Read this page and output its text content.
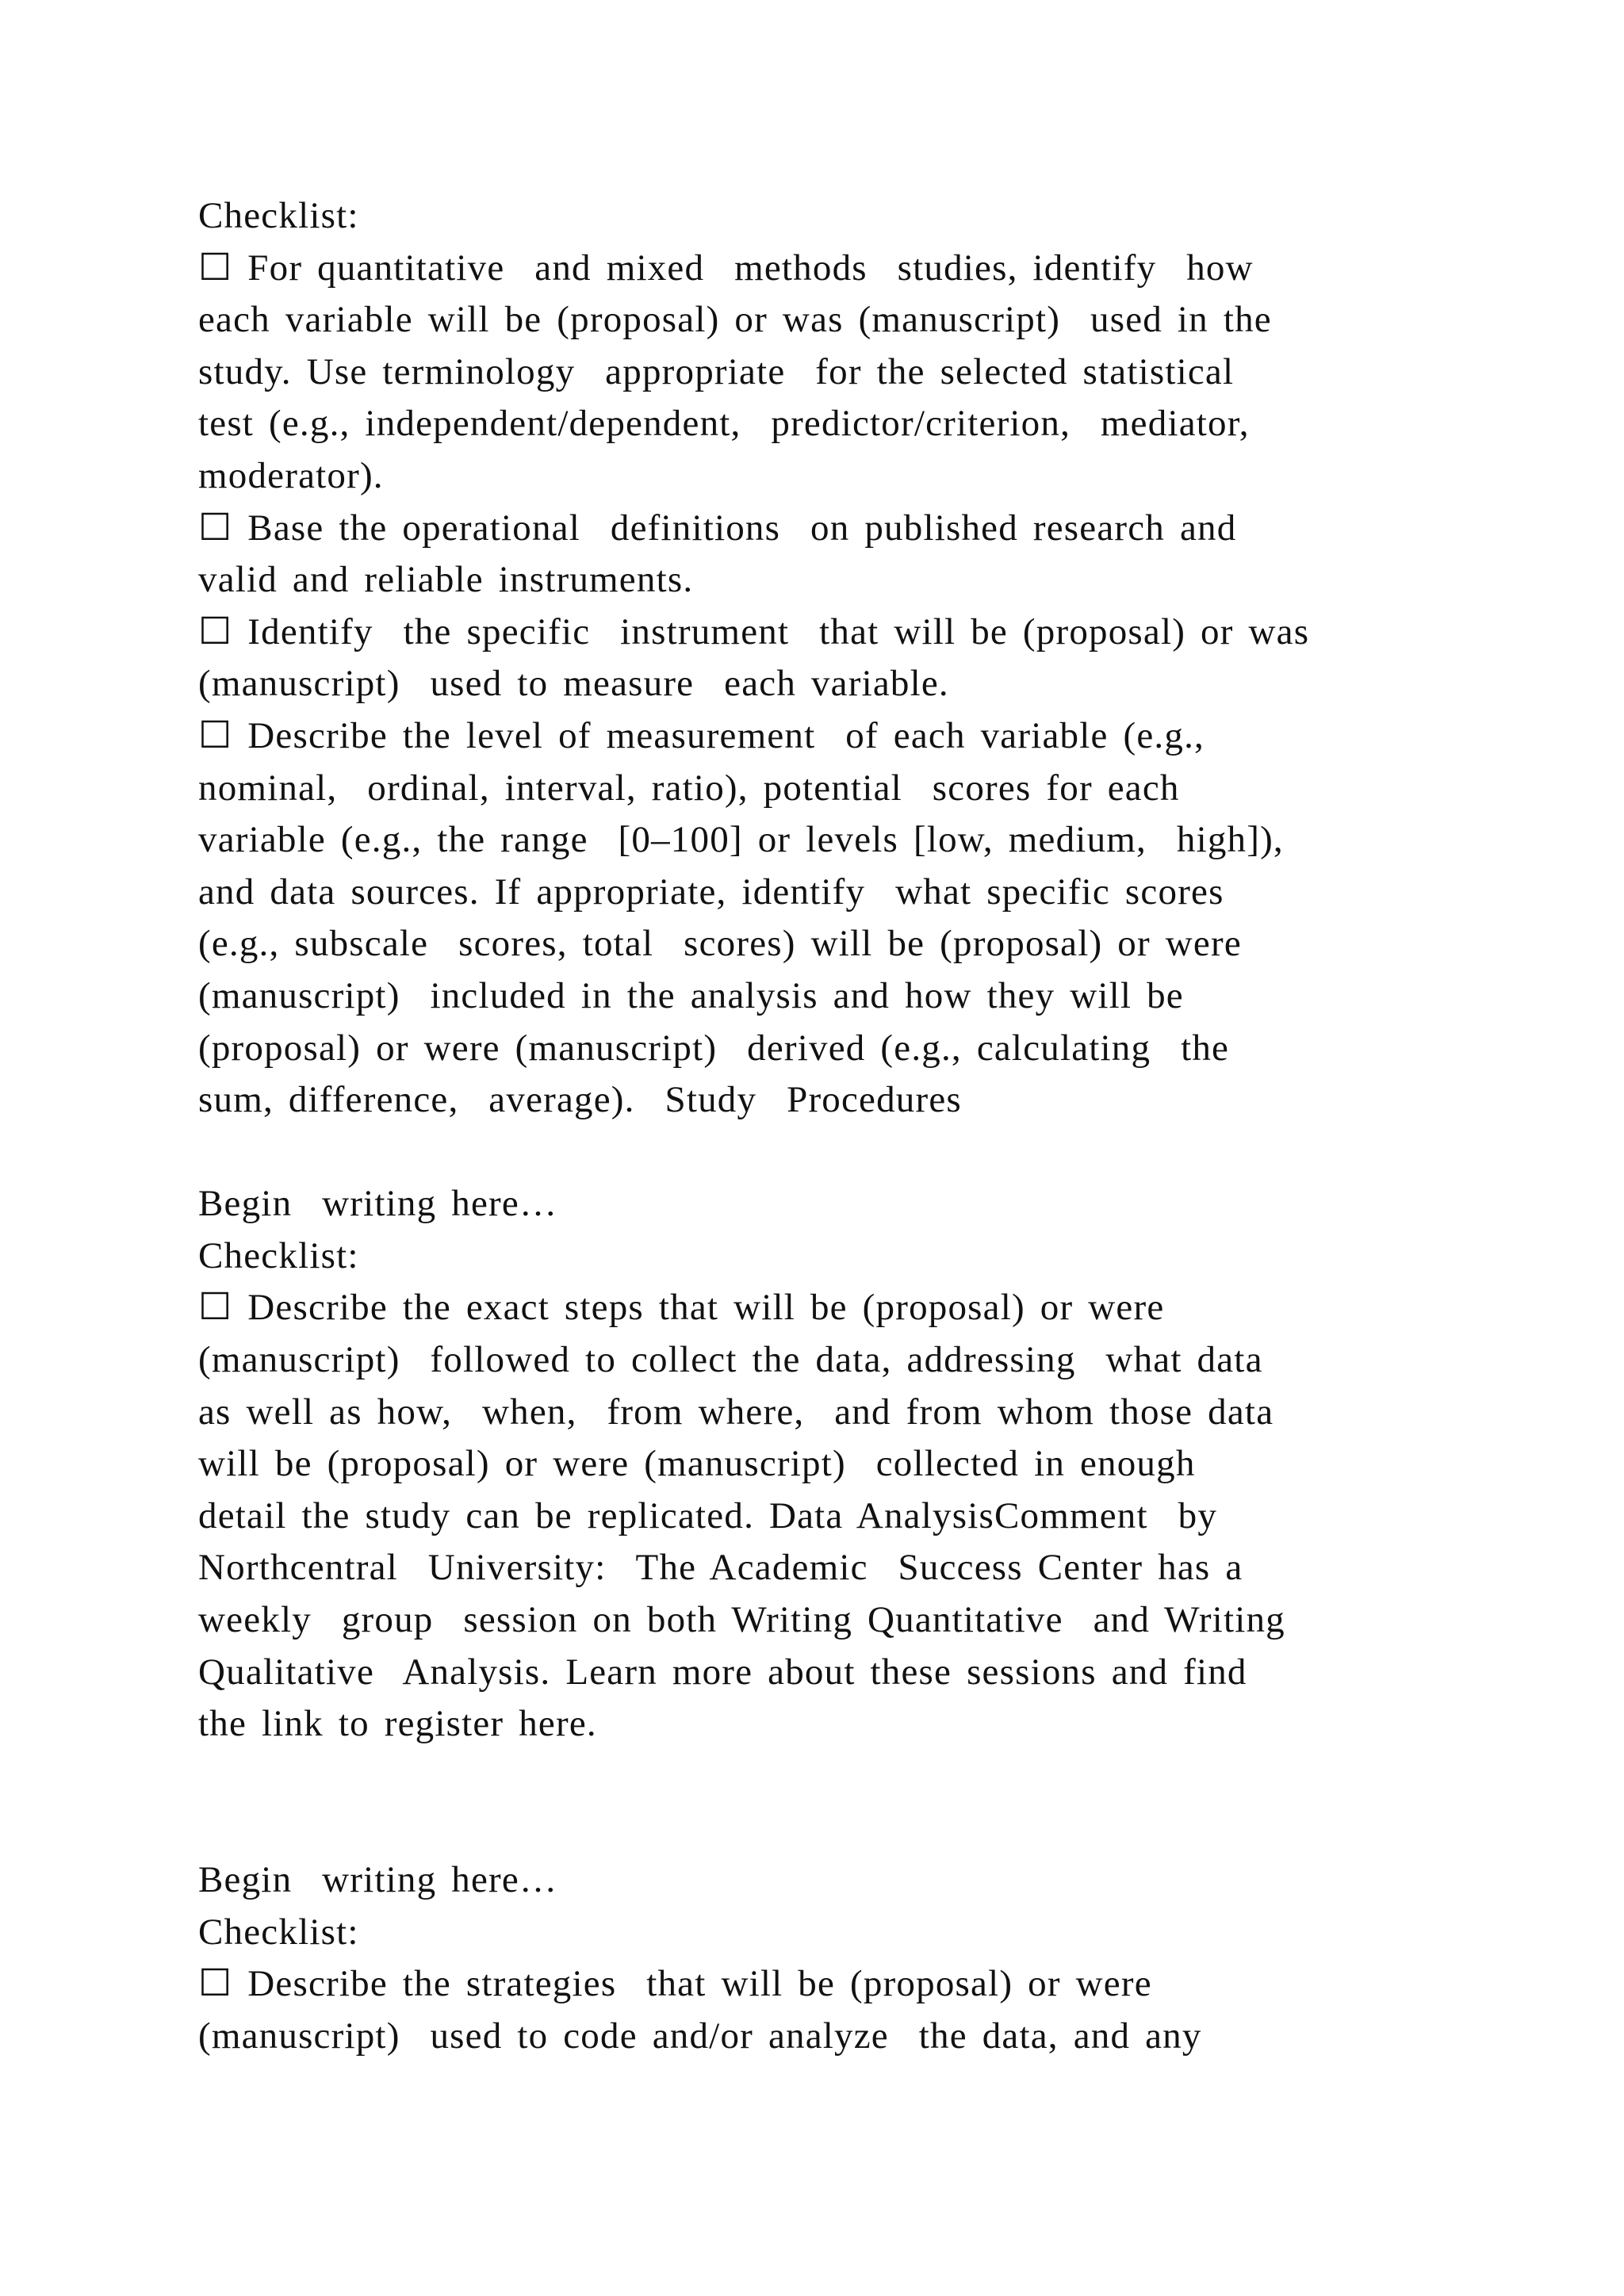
Checklist:
☐ For quantitative  and mixed  methods  studies, identify  how
each variable will be (proposal) or was (manuscript)  used in the
study. Use terminology  appropriate  for the selected statistical
test (e.g., independent/dependent,  predictor/criterion,  mediator,
moderator).
☐ Base the operational  definitions  on published research and
valid and reliable instruments.
☐ Identify  the specific  instrument  that will be (proposal) or was
(manuscript)  used to measure  each variable.
☐ Describe the level of measurement  of each variable (e.g.,
nominal,  ordinal, interval, ratio), potential  scores for each
variable (e.g., the range  [0–100] or levels [low, medium,  high]),
and data sources. If appropriate, identify  what specific scores
(e.g., subscale  scores, total  scores) will be (proposal) or were
(manuscript)  included in the analysis and how they will be
(proposal) or were (manuscript)  derived (e.g., calculating  the
sum, difference,  average).  Study  Procedures
Begin  writing here…
Checklist:
☐ Describe the exact steps that will be (proposal) or were
(manuscript)  followed to collect the data, addressing  what data
as well as how,  when,  from where,  and from whom those data
will be (proposal) or were (manuscript)  collected in enough
detail the study can be replicated. Data AnalysisComment  by
Northcentral  University:  The Academic  Success Center has a
weekly  group  session on both Writing Quantitative  and Writing
Qualitative  Analysis. Learn more about these sessions and find
the link to register here.
Begin  writing here…
Checklist:
☐ Describe the strategies  that will be (proposal) or were
(manuscript)  used to code and/or analyze  the data, and any
